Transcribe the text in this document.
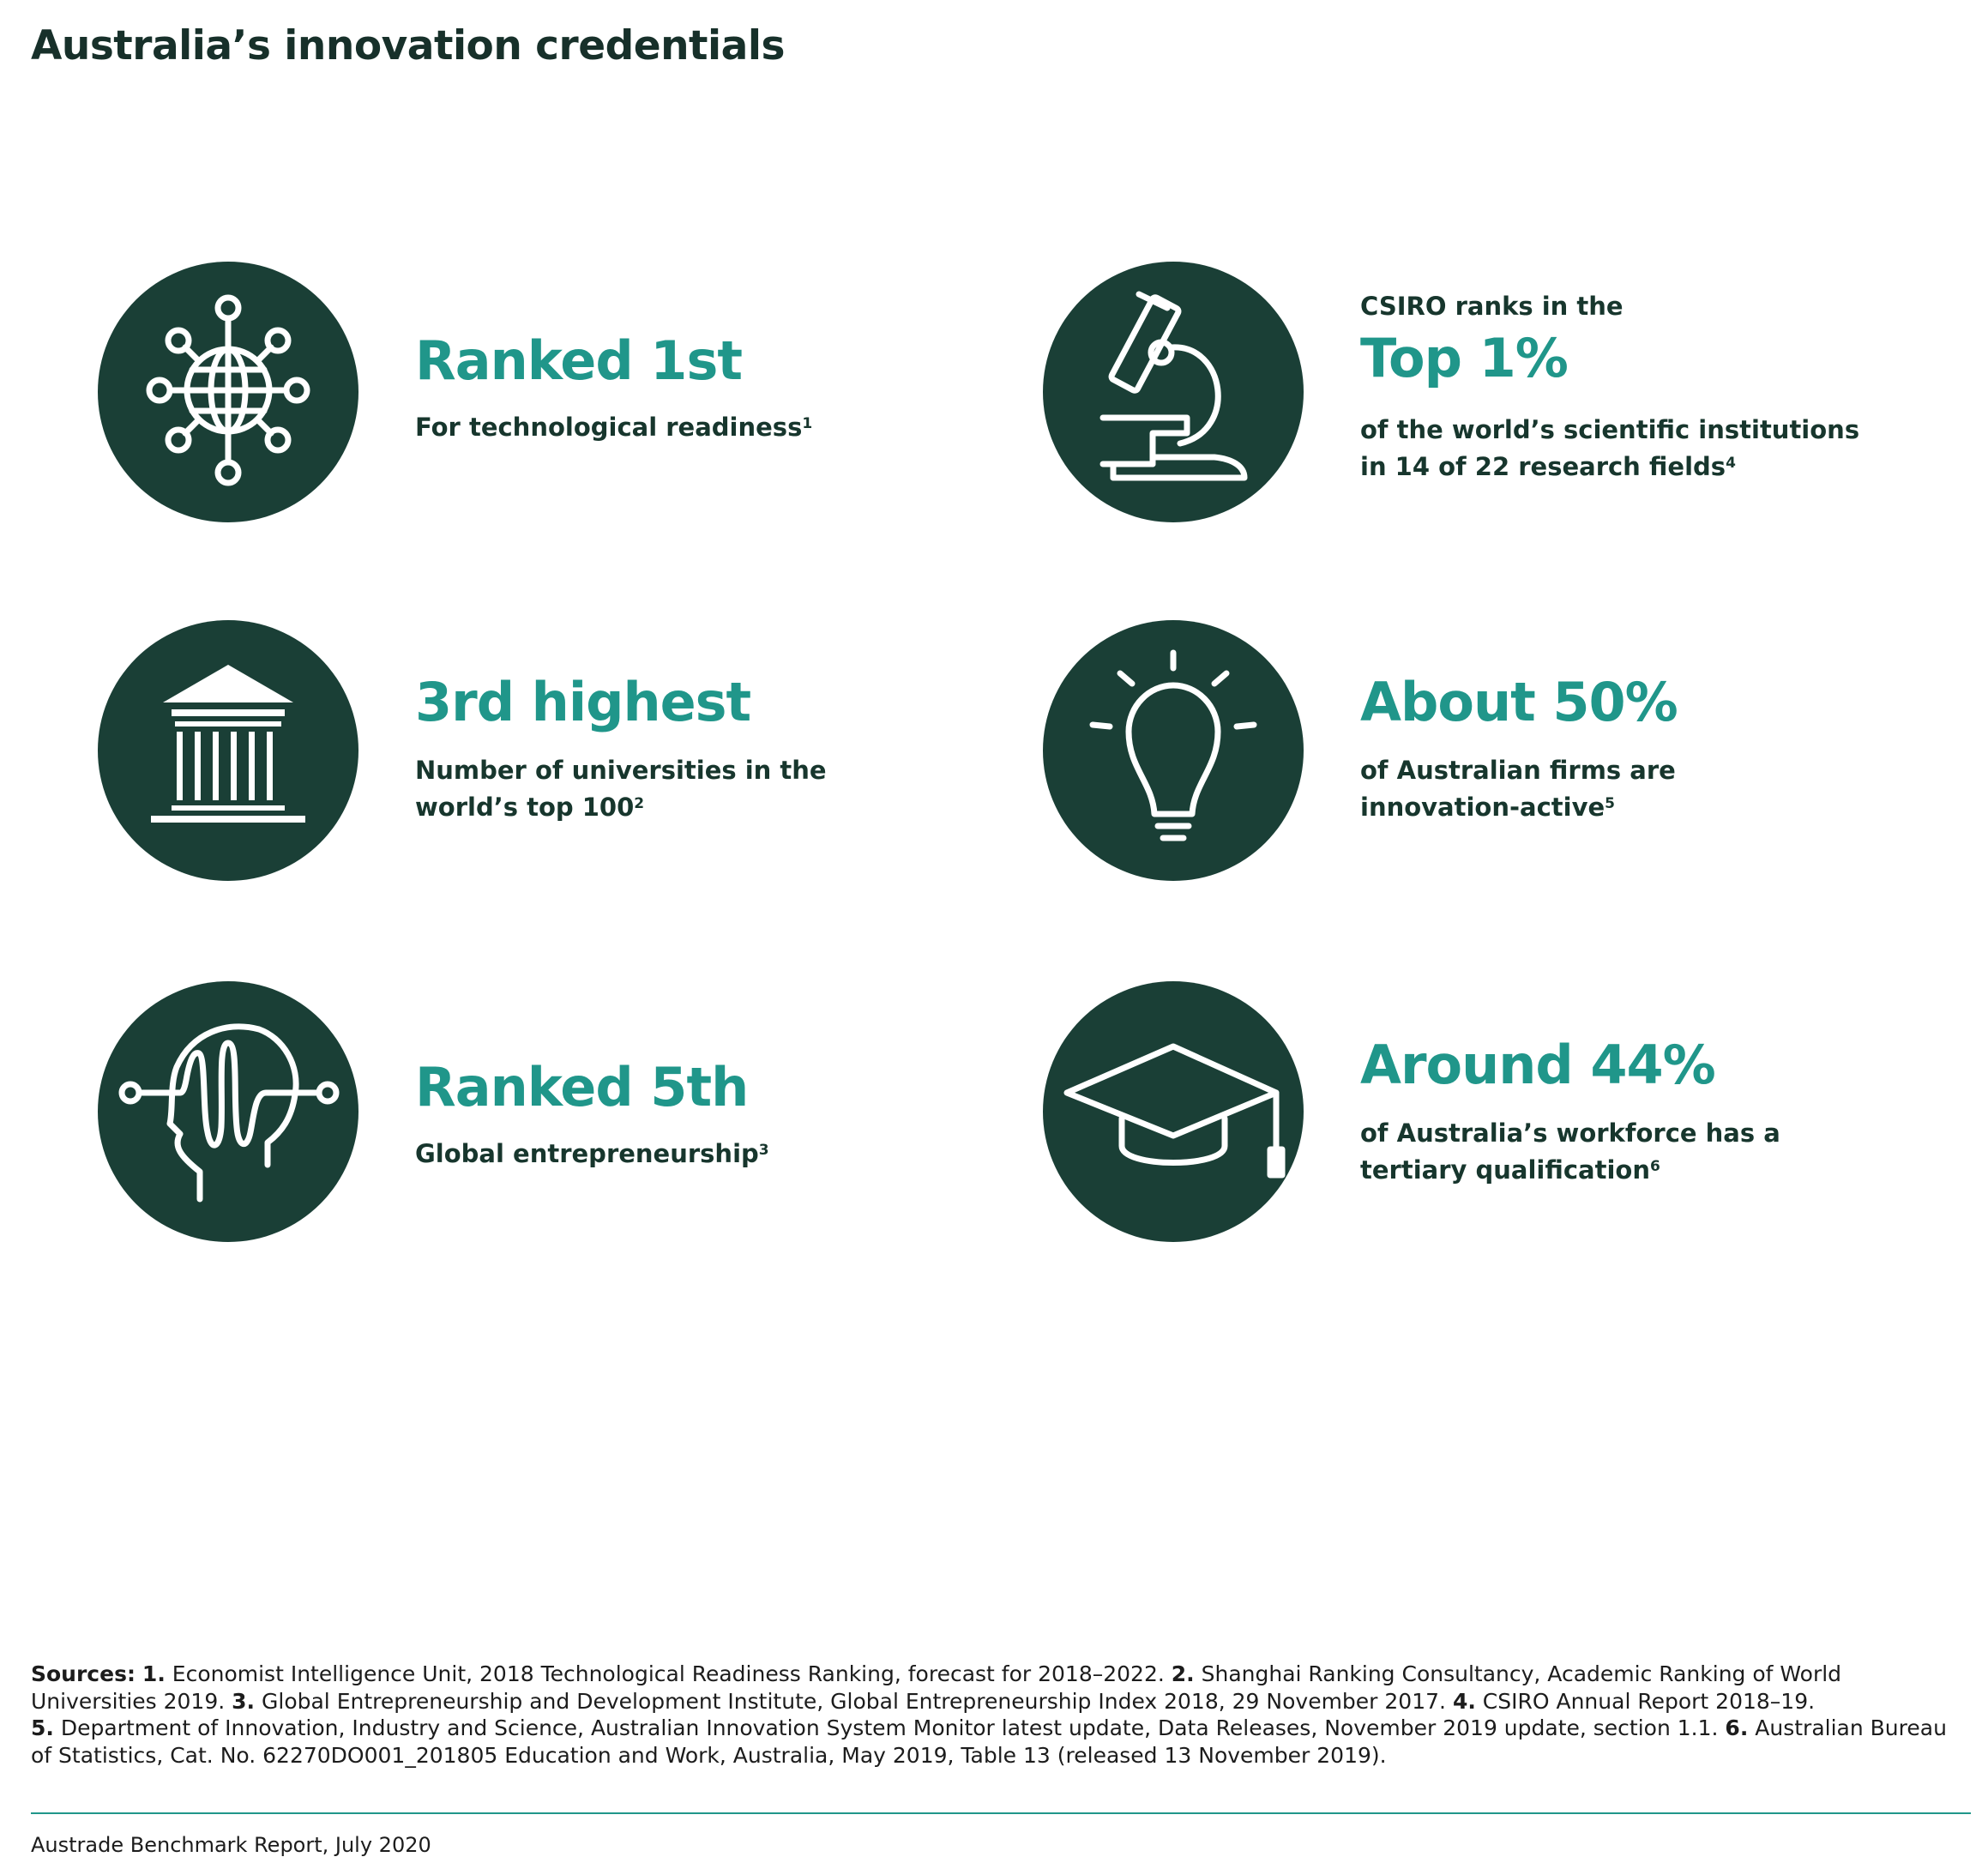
Australia’s innovation credentials

Ranked 1st

For technological readiness$^1$

CSIRO ranks in the

Top 1%

of the world’s scientific institutions
in 14 of 22 research fields$^4$

3rd highest

Number of universities in the
world’s top $100^2$

About 50%

of Australian firms are
innovation-active$^5$

Ranked 5th

Global entrepreneurship$^3$

Around 44%

of Australia’s workforce has a
tertiary qualification$^6$

Sources: 1. Economist Intelligence Unit, 2018 Technological Readiness Ranking, forecast for 2018–2022. 2. Shanghai Ranking Consultancy, Academic Ranking of World Universities 2019. 3. Global Entrepreneurship and Development Institute, Global Entrepreneurship Index 2018, 29 November 2017. 4. CSIRO Annual Report 2018–19.
5. Department of Innovation, Industry and Science, Australian Innovation System Monitor latest update, Data Releases, November 2019 update, section 1.1. 6. Australian Bureau of Statistics, Cat. No. 62270DO001_201805 Education and Work, Australia, May 2019, Table 13 (released 13 November 2019).

Austrade Benchmark Report, July 2020
